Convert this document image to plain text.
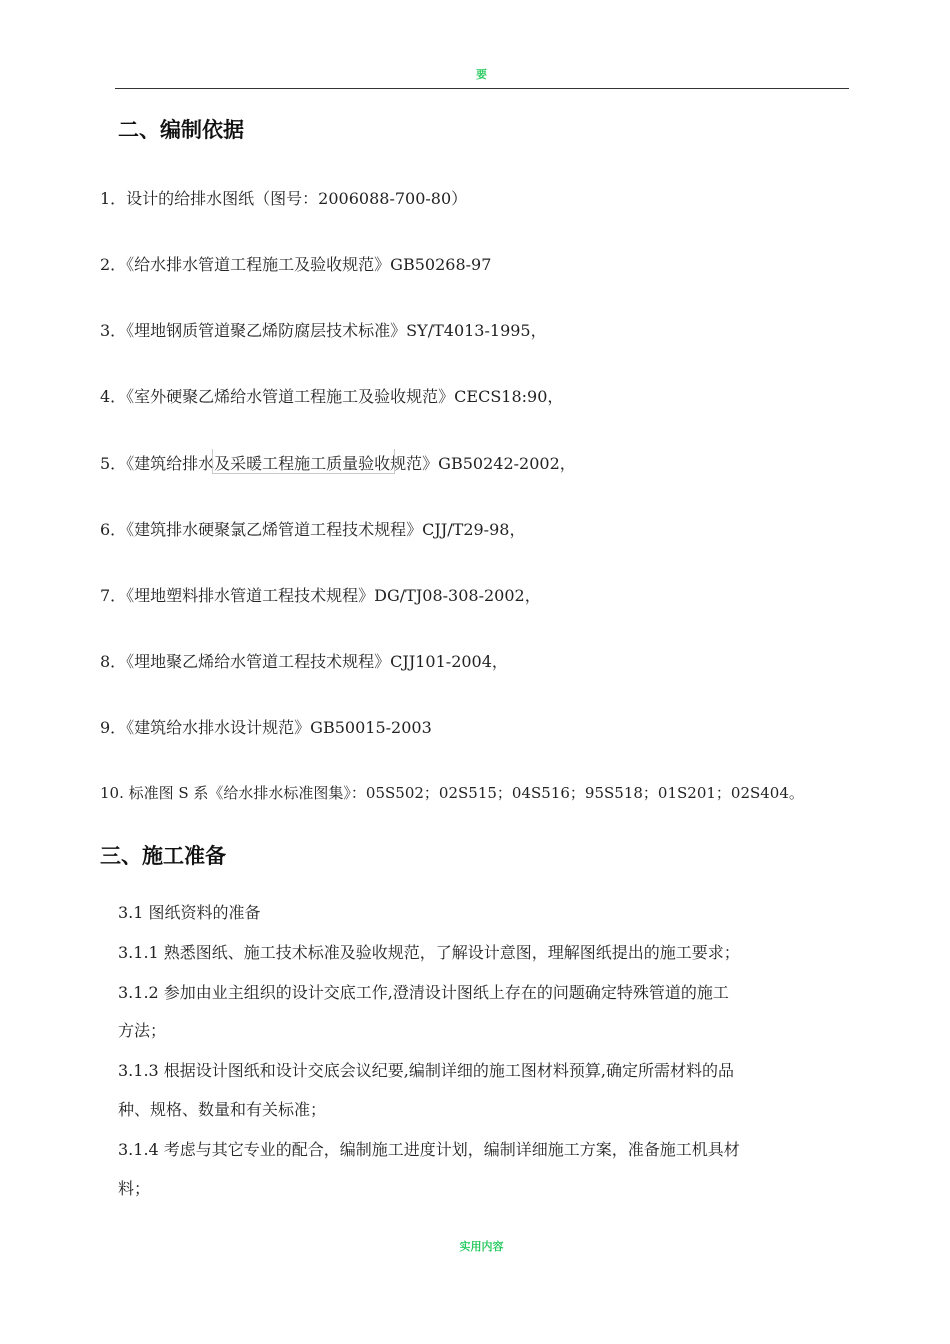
要
二、编制依据
1．设计的给排水图纸（图号：2006088-700-80）
2．《给水排水管道工程施工及验收规范》GB50268-97
3．《埋地钢质管道聚乙烯防腐层技术标准》SY/T4013-1995，
4．《室外硬聚乙烯给水管道工程施工及验收规范》CECS18:90，
5．《建筑给排水及采暖工程施工质量验收规范》GB50242-2002，
6．《建筑排水硬聚氯乙烯管道工程技术规程》CJJ/T29-98，
7．《埋地塑料排水管道工程技术规程》DG/TJ08-308-2002，
8．《埋地聚乙烯给水管道工程技术规程》CJJ101-2004，
9．《建筑给水排水设计规范》GB50015-2003
10. 标准图 S 系《给水排水标准图集》：05S502；02S515；04S516；95S518；01S201；02S404。
三、施工准备
3.1 图纸资料的准备
3.1.1 熟悉图纸、施工技术标准及验收规范，了解设计意图，理解图纸提出的施工要求；
3.1.2 参加由业主组织的设计交底工作,澄清设计图纸上存在的问题确定特殊管道的施工
方法；
3.1.3 根据设计图纸和设计交底会议纪要,编制详细的施工图材料预算,确定所需材料的品
种、规格、数量和有关标准；
3.1.4 考虑与其它专业的配合，编制施工进度计划，编制详细施工方案，准备施工机具材
料；
实用内容
